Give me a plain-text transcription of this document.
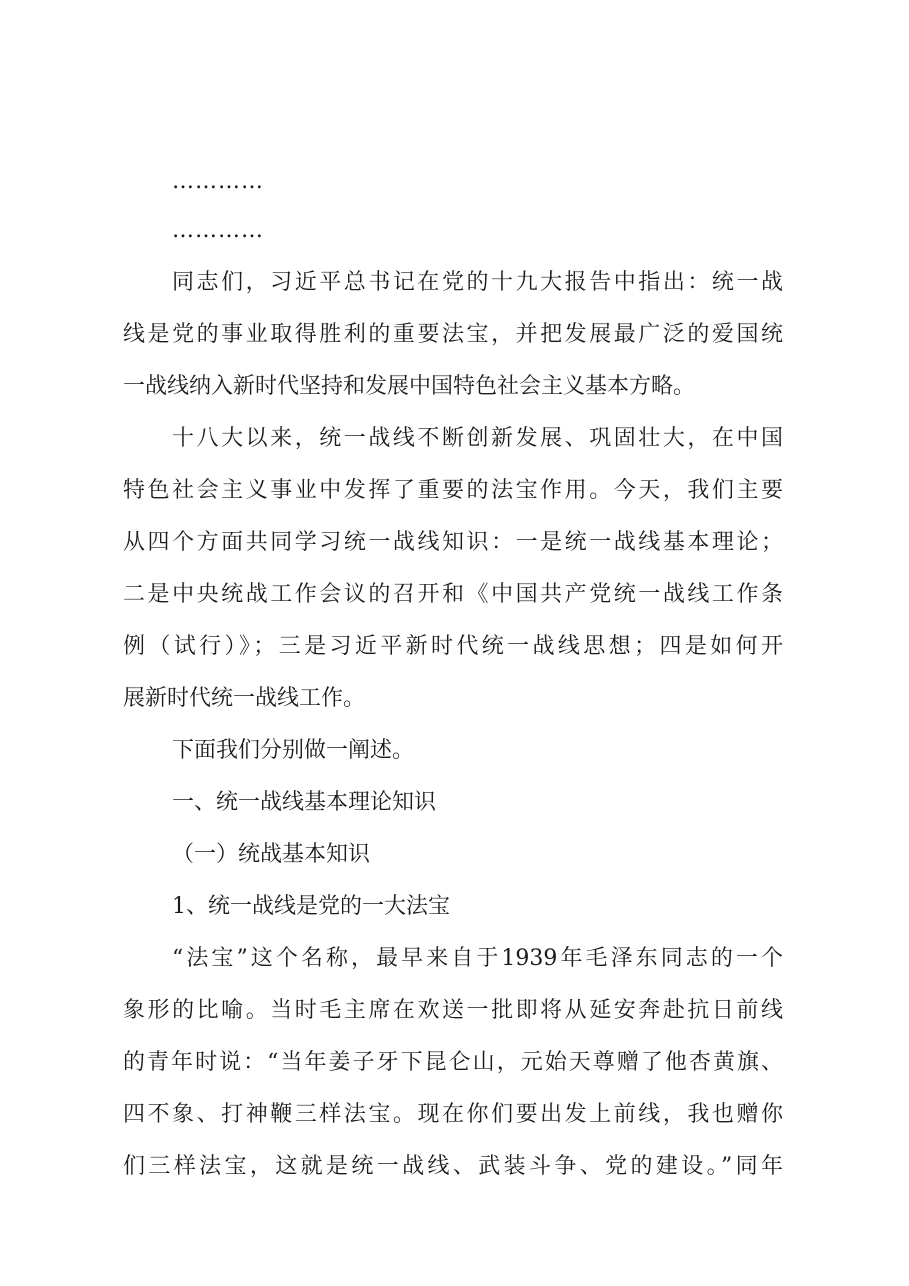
…………
…………
同志们，习近平总书记在党的十九大报告中指出：统一战
线是党的事业取得胜利的重要法宝，并把发展最广泛的爱国统
一战线纳入新时代坚持和发展中国特色社会主义基本方略。
十八大以来，统一战线不断创新发展、巩固壮大，在中国
特色社会主义事业中发挥了重要的法宝作用。今天，我们主要
从四个方面共同学习统一战线知识：一是统一战线基本理论；
二是中央统战工作会议的召开和《中国共产党统一战线工作条
例（试行）》；三是习近平新时代统一战线思想；四是如何开
展新时代统一战线工作。
下面我们分别做一阐述。
一、统一战线基本理论知识
（一）统战基本知识
1、统一战线是党的一大法宝
“法宝”这个名称，最早来自于1939年毛泽东同志的一个
象形的比喻。当时毛主席在欢送一批即将从延安奔赴抗日前线
的青年时说：“当年姜子牙下昆仑山，元始天尊赠了他杏黄旗、
四不象、打神鞭三样法宝。现在你们要出发上前线，我也赠你
们三样法宝，这就是统一战线、武装斗争、党的建设。”同年
